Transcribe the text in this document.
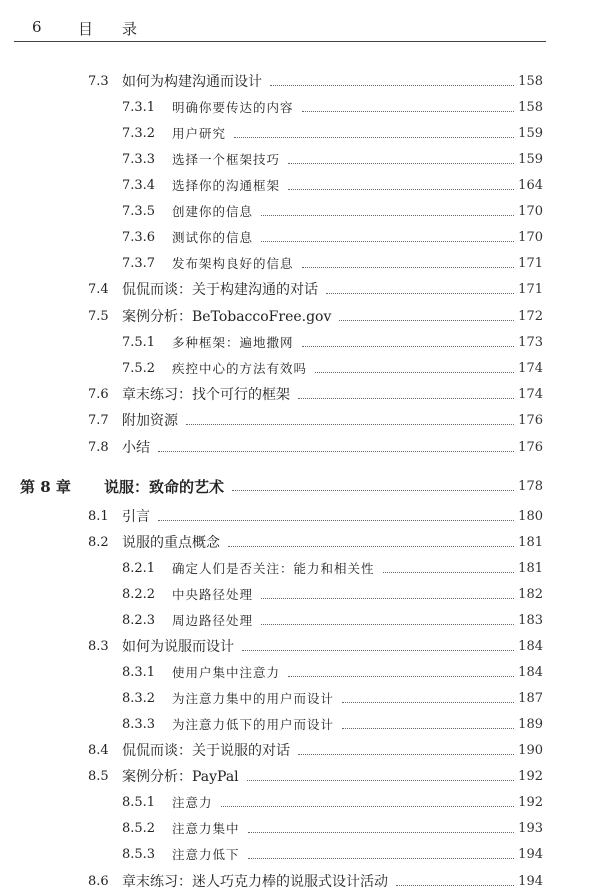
6 目 录
7.3 如何为构建沟通而设计	158
7.3.1	明确你要传达的内容	158
7.3.2	用户研究	159
7.3.3	选择一个框架技巧	159
7.3.4	选择你的沟通框架	164
7.3.5	创建你的信息	170
7.3.6	测试你的信息	170
7.3.7	发布架构良好的信息	171
7.4 侃侃而谈：关于构建沟通的对话	171
7.5 案例分析：BeTobaccoFree.gov	172
7.5.1	多种框架：遍地撒网	173
7.5.2	疾控中心的方法有效吗	174
7.6 章末练习：找个可行的框架	174
7.7 附加资源	176
7.8 小结	176
第 8 章	说服：致命的艺术	178
8.1 引言	180
8.2 说服的重点概念	181
8.2.1	确定人们是否关注：能力和相关性	181
8.2.2	中央路径处理	182
8.2.3	周边路径处理	183
8.3 如何为说服而设计	184
8.3.1	使用户集中注意力	184
8.3.2	为注意力集中的用户而设计	187
8.3.3	为注意力低下的用户而设计	189
8.4 侃侃而谈：关于说服的对话	190
8.5 案例分析：PayPal	192
8.5.1	注意力	192
8.5.2	注意力集中	193
8.5.3	注意力低下	194
8.6 章末练习：迷人巧克力棒的说服式设计活动	194
